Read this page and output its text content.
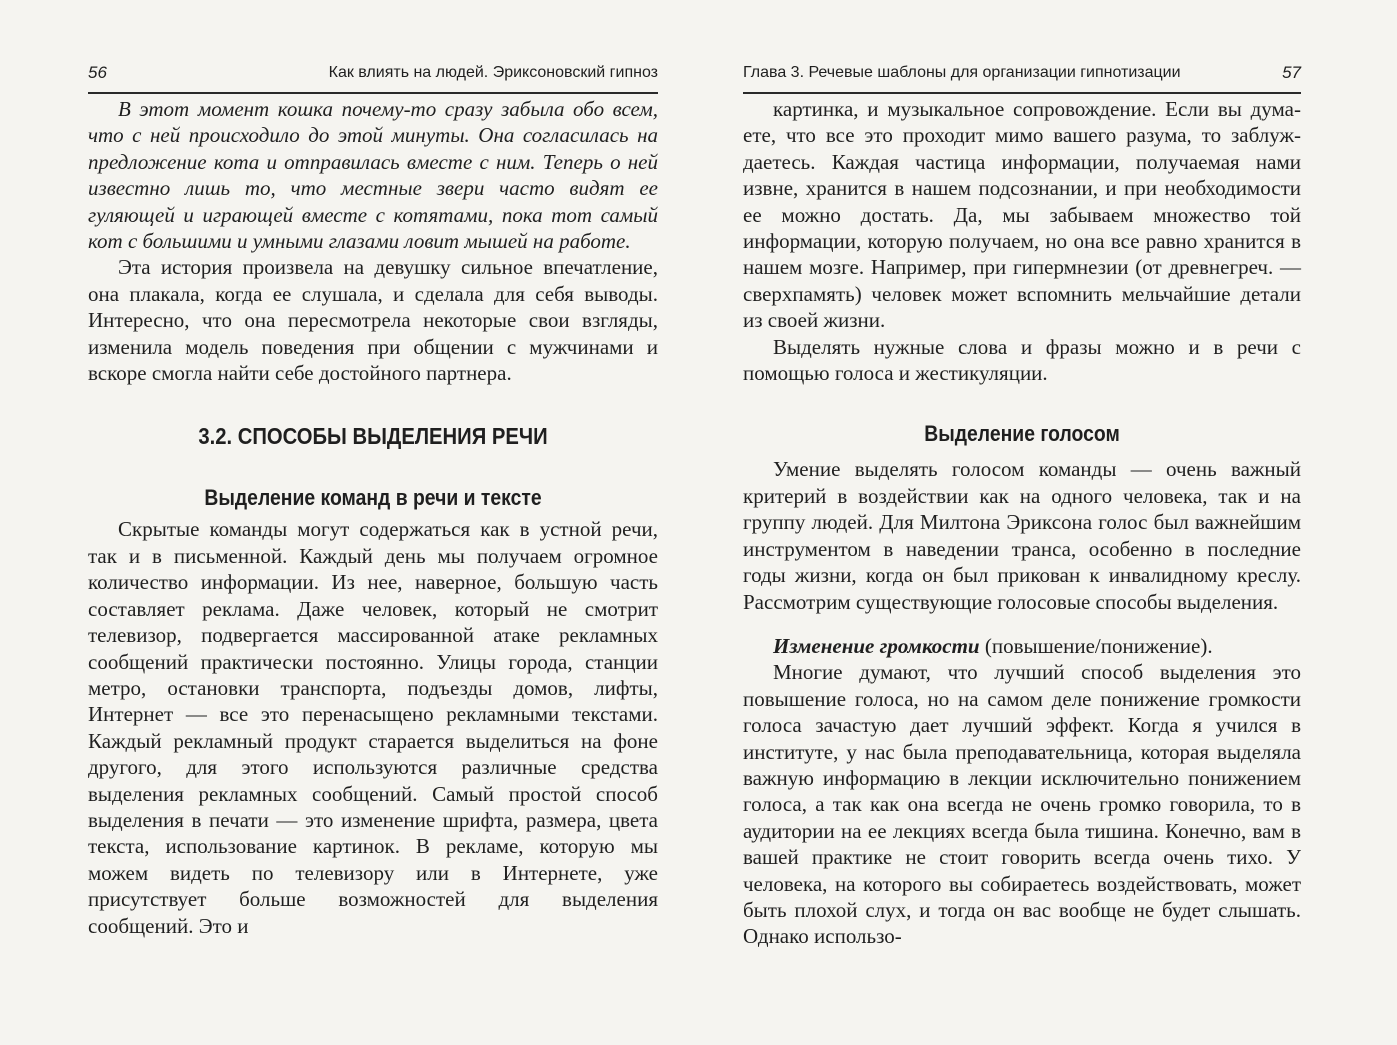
56	Как влиять на людей. Эриксоновский гипноз

В этот момент кошка почему-то сразу забыла обо всем, что с ней происходило до этой минуты. Она согласилась на предложение кота и отправилась вместе с ним. Теперь о ней известно лишь то, что местные звери часто видят ее гуляющей и играющей вместе с котятами, пока тот самый кот с большими и умными глазами ловит мышей на работе.

Эта история произвела на девушку сильное впечатление, она плакала, когда ее слушала, и сделала для себя выводы. Интересно, что она пересмотрела некоторые свои взгляды, изменила модель поведения при общении с мужчинами и вскоре смогла найти себе достойного партнера.

3.2. СПОСОБЫ ВЫДЕЛЕНИЯ РЕЧИ
Выделение команд в речи и тексте

Скрытые команды могут содержаться как в устной речи, так и в письменной. Каждый день мы получаем огромное количество информации. Из нее, наверное, большую часть составляет реклама. Даже человек, который не смотрит телевизор, подвергается массированной атаке рекламных сообщений практически постоянно. Улицы города, станции метро, остановки транспорта, подъезды домов, лифты, Интернет — все это перенасыщено рекламными текстами. Каждый рекламный продукт старается выделиться на фоне другого, для этого используются различные средства выделения рекламных сообщений. Самый простой способ выделения в печати — это изменение шрифта, размера, цвета текста, использование картинок. В рекламе, которую мы можем видеть по телевизору или в Интернете, уже присутствует больше возможностей для выделения сообщений. Это и

Глава 3. Речевые шаблоны для организации гипнотизации	57

картинка, и музыкальное сопровождение. Если вы думаете, что все это проходит мимо вашего разума, то заблуждаетесь. Каждая частица информации, получаемая нами извне, хранится в нашем подсознании, и при необходимости ее можно достать. Да, мы забываем множество той информации, которую получаем, но она все равно хранится в нашем мозге. Например, при гипермнезии (от древнегреч. — сверхпамять) человек может вспомнить мельчайшие детали из своей жизни.

Выделять нужные слова и фразы можно и в речи с помощью голоса и жестикуляции.

Выделение голосом

Умение выделять голосом команды — очень важный критерий в воздействии как на одного человека, так и на группу людей. Для Милтона Эриксона голос был важнейшим инструментом в наведении транса, особенно в последние годы жизни, когда он был прикован к инвалидному креслу. Рассмотрим существующие голосовые способы выделения.

Изменение громкости (повышение/понижение).

Многие думают, что лучший способ выделения это повышение голоса, но на самом деле понижение громкости голоса зачастую дает лучший эффект. Когда я учился в институте, у нас была преподавательница, которая выделяла важную информацию в лекции исключительно понижением голоса, а так как она всегда не очень громко говорила, то в аудитории на ее лекциях всегда была тишина. Конечно, вам в вашей практике не стоит говорить всегда очень тихо. У человека, на которого вы собираетесь воздействовать, может быть плохой слух, и тогда он вас вообще не будет слышать. Однако использо-
